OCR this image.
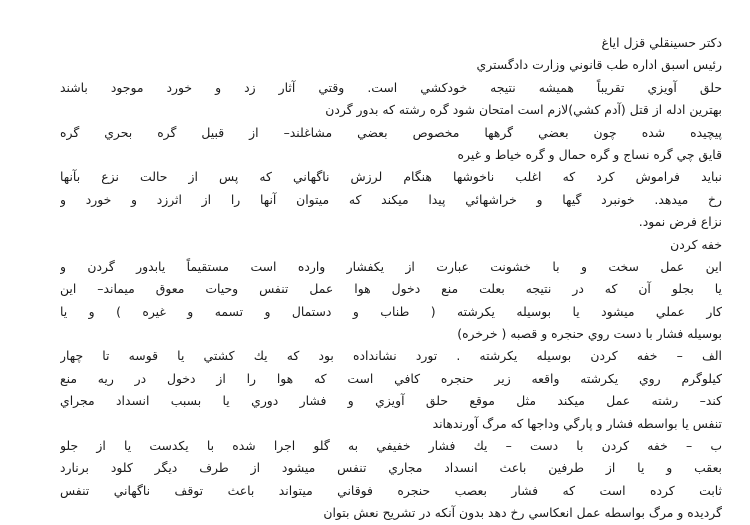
دکتر حسینقلي قزل اياغ
رئيس اسبق اداره طب قانوني وزارت دادگستري
حلق آويزي تقريباً هميشه نتيجه خودکشي است. وقتي آثار زد و خورد موجود باشند
بهترين ادله از قتل (آدم کشي)لازم است امتحان شود گره رشته که بدور گردن
پيچيده شده چون بعضي گرهها مخصوص بعضي مشاغلند– از قبيل گره بحري گره
قايق چي گره نساج و گره حمال و گره خياط و غيره
نبايد فراموش کرد که اغلب ناخوشها هنگام لرزش ناگهاني که پس از حالت نزع بآنها
رخ ميدهد. خونبرد گيها و خراشهائي پيدا ميکند که ميتوان آنها را از اثرزد و خورد و
نزاع فرض نمود.
خفه کردن
اين عمل سخت و با خشونت عبارت از يکفشار وارده است مستقيماً يابدور گردن و
يا بجلو آن که در نتيجه بعلت منع دخول هوا عمل تنفس وحيات معوق ميماند– اين
کار عملي ميشود يا بوسيله يکرشته ( طناب و دستمال و تسمه و غيره ) و يا
بوسيله فشار با دست روي حنجره و قصبه ( خرخره)
الف – خفه کردن بوسيله يکرشته . تورد نشانداده بود که يك کشتي يا قوسه تا چهار
کيلوگرم روي يکرشته واقعه زير حنجره کافي است که هوا را از دخول در ريه منع
کند– رشته عمل ميکند مثل موقع حلق آويزي و فشار دوري يا بسبب انسداد مجراي
تنفس يا بواسطه فشار و پارگي وداجها که مرگ آورندهاند
ب – خفه کردن با دست – يك فشار خفيفي به گلو اجرا شده با يکدست يا از جلو
بعقب و يا از طرفين باعث انسداد مجاري تنفس ميشود از طرف ديگر کلود برنارد
ثابت کرده است که فشار بعصب حنجره فوقاني ميتواند باعث توقف ناگهاني تنفس
گرديده و مرگ بواسطه عمل انعکاسي رخ دهد بدون آنکه در تشريح نعش بتوان
